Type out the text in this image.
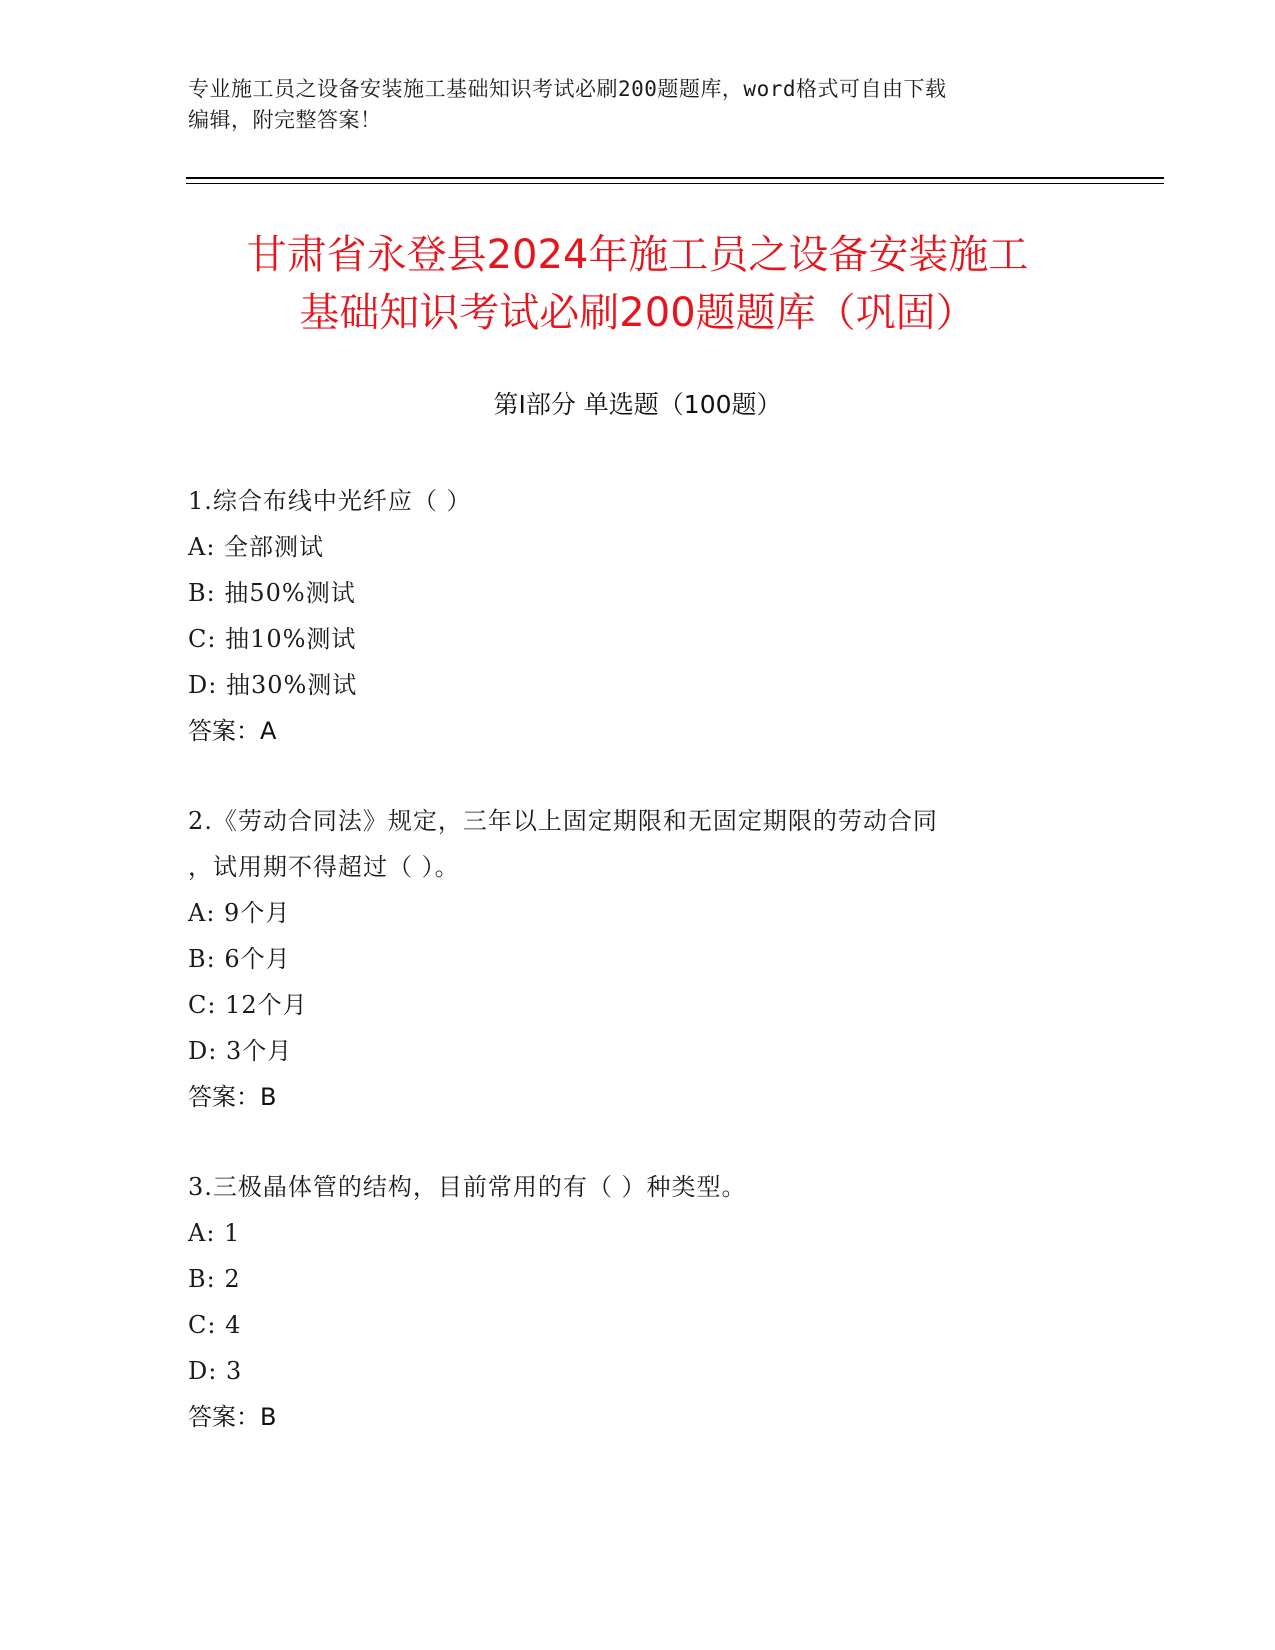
专业施工员之设备安装施工基础知识考试必刷200题题库，word格式可自由下载
编辑，附完整答案！
甘肃省永登县2024年施工员之设备安装施工
基础知识考试必刷200题题库（巩固）
第Ⅰ部分 单选题（100题）
1.综合布线中光纤应（ ）
A: 全部测试
B: 抽50%测试
C: 抽10%测试
D: 抽30%测试
答案：A
2.《劳动合同法》规定，三年以上固定期限和无固定期限的劳动合同
，试用期不得超过（ ）。
A: 9个月
B: 6个月
C: 12个月
D: 3个月
答案：B
3.三极晶体管的结构，目前常用的有（ ）种类型。
A: 1
B: 2
C: 4
D: 3
答案：B
